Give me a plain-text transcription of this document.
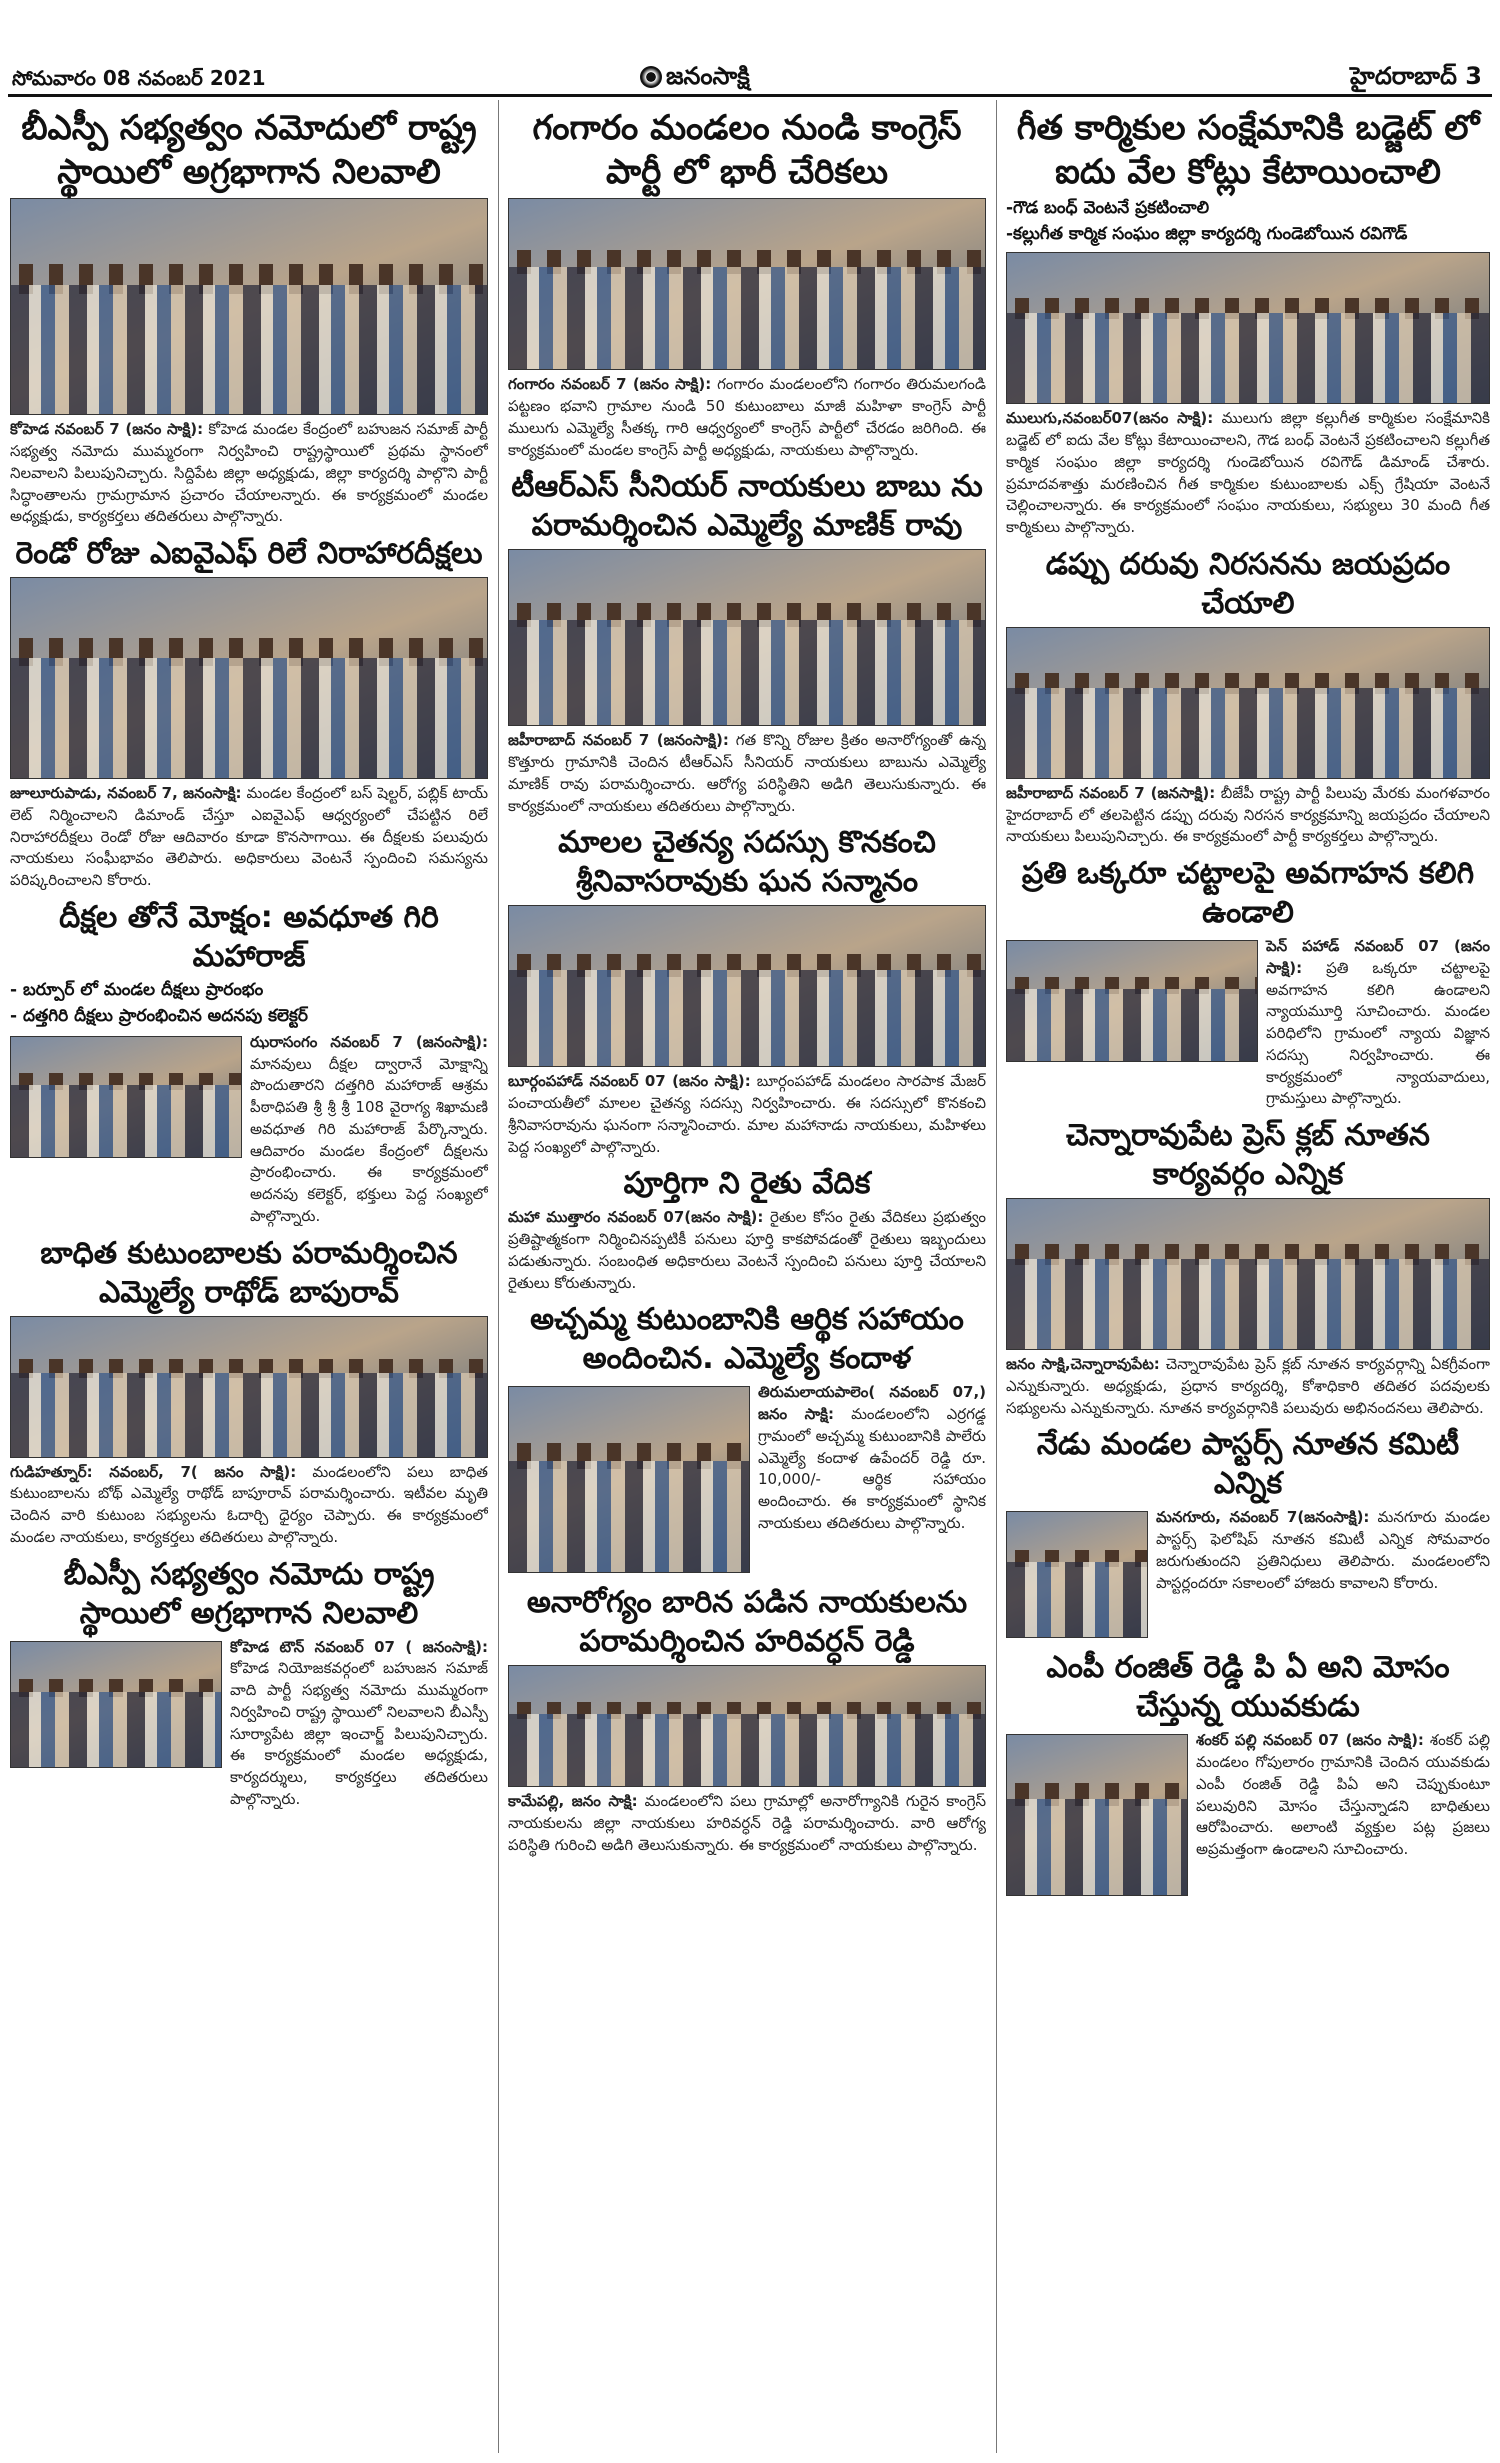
సోమవారం 08 నవంబర్ 2021	జనంసాక్షి	హైదరాబాద్ 3
బీఎస్పీ సభ్యత్వం నమోదులో రాష్ట్ర స్థాయిలో అగ్రభాగాన నిలవాలి
కోహెడ నవంబర్ 7 (జనం సాక్షి): కోహెడ మండల కేంద్రంలో బహుజన సమాజ్ పార్టీ సభ్యత్వ నమోదు ముమ్మరంగా నిర్వహించి రాష్ట్రస్థాయిలో ప్రథమ స్థానంలో నిలవాలని పిలుపునిచ్చారు. సిద్దిపేట జిల్లా అధ్యక్షుడు, జిల్లా కార్యదర్శి పాల్గొని పార్టీ సిద్ధాంతాలను గ్రామగ్రామాన ప్రచారం చేయాలన్నారు. ఈ కార్యక్రమంలో మండల అధ్యక్షుడు, కార్యకర్తలు తదితరులు పాల్గొన్నారు.
రెండో రోజు ఎఐవైఎఫ్ రిలే నిరాహారదీక్షలు
జూలూరుపాడు, నవంబర్ 7, జనంసాక్షి: మండల కేంద్రంలో బస్ షెల్టర్, పబ్లిక్ టాయ్ లెట్ నిర్మించాలని డిమాండ్ చేస్తూ ఎఐవైఎఫ్ ఆధ్వర్యంలో చేపట్టిన రిలే నిరాహారదీక్షలు రెండో రోజు ఆదివారం కూడా కొనసాగాయి. ఈ దీక్షలకు పలువురు నాయకులు సంఘీభావం తెలిపారు. అధికారులు వెంటనే స్పందించి సమస్యను పరిష్కరించాలని కోరారు.
దీక్షల తోనే మోక్షం: అవధూత గిరి మహారాజ్
- బర్పూర్ లో మండల దీక్షలు ప్రారంభం
- దత్తగిరి దీక్షలు ప్రారంభించిన అదనపు కలెక్టర్
ఝరాసంగం నవంబర్ 7 (జనంసాక్షి): మానవులు దీక్షల ద్వారానే మోక్షాన్ని పొందుతారని దత్తగిరి మహారాజ్ ఆశ్రమ పీఠాధిపతి శ్రీ శ్రీ శ్రీ 108 వైరాగ్య శిఖామణి అవధూత గిరి మహారాజ్ పేర్కొన్నారు. ఆదివారం మండల కేంద్రంలో దీక్షలను ప్రారంభించారు. ఈ కార్యక్రమంలో అదనపు కలెక్టర్, భక్తులు పెద్ద సంఖ్యలో పాల్గొన్నారు.
బాధిత కుటుంబాలకు పరామర్శించిన ఎమ్మెల్యే రాథోడ్ బాపురావ్
గుడిహత్నూర్: నవంబర్, 7( జనం సాక్షి): మండలంలోని పలు బాధిత కుటుంబాలను బోథ్ ఎమ్మెల్యే రాథోడ్ బాపూరావ్ పరామర్శించారు. ఇటీవల మృతి చెందిన వారి కుటుంబ సభ్యులను ఓదార్చి ధైర్యం చెప్పారు. ఈ కార్యక్రమంలో మండల నాయకులు, కార్యకర్తలు తదితరులు పాల్గొన్నారు.
బీఎస్పీ సభ్యత్వం నమోదు రాష్ట్ర స్థాయిలో అగ్రభాగాన నిలవాలి
కోహెడ టౌన్ నవంబర్ 07 ( జనంసాక్షి): కోహెడ నియోజకవర్గంలో బహుజన సమాజ్ వాది పార్టీ సభ్యత్వ నమోదు ముమ్మరంగా నిర్వహించి రాష్ట్ర స్థాయిలో నిలవాలని బీఎస్పీ సూర్యాపేట జిల్లా ఇంచార్జ్ పిలుపునిచ్చారు. ఈ కార్యక్రమంలో మండల అధ్యక్షుడు, కార్యదర్శులు, కార్యకర్తలు తదితరులు పాల్గొన్నారు.
గంగారం మండలం నుండి కాంగ్రెస్ పార్టీ లో భారీ చేరికలు
గంగారం నవంబర్ 7 (జనం సాక్షి): గంగారం మండలంలోని గంగారం తిరుమలగండి పట్టణం భవాని గ్రామాల నుండి 50 కుటుంబాలు మాజీ మహిళా కాంగ్రెస్ పార్టీ ములుగు ఎమ్మెల్యే సీతక్క గారి ఆధ్వర్యంలో కాంగ్రెస్ పార్టీలో చేరడం జరిగింది. ఈ కార్యక్రమంలో మండల కాంగ్రెస్ పార్టీ అధ్యక్షుడు, నాయకులు పాల్గొన్నారు.
టీఆర్ఎస్ సీనియర్ నాయకులు బాబు ను పరామర్శించిన ఎమ్మెల్యే మాణిక్ రావు
జహీరాబాద్ నవంబర్ 7 (జనంసాక్షి): గత కొన్ని రోజుల క్రితం అనారోగ్యంతో ఉన్న కొత్తూరు గ్రామానికి చెందిన టీఆర్ఎస్ సీనియర్ నాయకులు బాబును ఎమ్మెల్యే మాణిక్ రావు పరామర్శించారు. ఆరోగ్య పరిస్థితిని అడిగి తెలుసుకున్నారు. ఈ కార్యక్రమంలో నాయకులు తదితరులు పాల్గొన్నారు.
మాలల చైతన్య సదస్సు కొనకంచి శ్రీనివాసరావుకు ఘన సన్మానం
బూర్గంపహాడ్ నవంబర్ 07 (జనం సాక్షి): బూర్గంపహాడ్ మండలం సారపాక మేజర్ పంచాయతీలో మాలల చైతన్య సదస్సు నిర్వహించారు. ఈ సదస్సులో కొనకంచి శ్రీనివాసరావును ఘనంగా సన్మానించారు. మాల మహానాడు నాయకులు, మహిళలు పెద్ద సంఖ్యలో పాల్గొన్నారు.
పూర్తిగా ని రైతు వేదిక
మహా ముత్తారం నవంబర్ 07(జనం సాక్షి): రైతుల కోసం రైతు వేదికలు ప్రభుత్వం ప్రతిష్టాత్మకంగా నిర్మించినప్పటికీ పనులు పూర్తి కాకపోవడంతో రైతులు ఇబ్బందులు పడుతున్నారు. సంబంధిత అధికారులు వెంటనే స్పందించి పనులు పూర్తి చేయాలని రైతులు కోరుతున్నారు.
అచ్చమ్మ కుటుంబానికి ఆర్థిక సహాయం అందించిన. ఎమ్మెల్యే కందాళ
తిరుమలాయపాలెం( నవంబర్ 07,) జనం సాక్షి: మండలంలోని ఎర్రగడ్డ గ్రామంలో అచ్చమ్మ కుటుంబానికి పాలేరు ఎమ్మెల్యే కందాళ ఉపేందర్ రెడ్డి రూ. 10,000/- ఆర్థిక సహాయం అందించారు. ఈ కార్యక్రమంలో స్థానిక నాయకులు తదితరులు పాల్గొన్నారు.
అనారోగ్యం బారిన పడిన నాయకులను పరామర్శించిన హరివర్ధన్ రెడ్డి
కామేపల్లి, జనం సాక్షి: మండలంలోని పలు గ్రామాల్లో అనారోగ్యానికి గురైన కాంగ్రెస్ నాయకులను జిల్లా నాయకులు హరివర్ధన్ రెడ్డి పరామర్శించారు. వారి ఆరోగ్య పరిస్థితి గురించి అడిగి తెలుసుకున్నారు. ఈ కార్యక్రమంలో నాయకులు పాల్గొన్నారు.
గీత కార్మికుల సంక్షేమానికి బడ్జెట్ లో ఐదు వేల కోట్లు కేటాయించాలి
-గౌడ బంధ్ వెంటనే ప్రకటించాలి
-కల్లుగీత కార్మిక సంఘం జిల్లా కార్యదర్శి గుండెబోయిన రవిగౌడ్
ములుగు,నవంబర్07(జనం సాక్షి): ములుగు జిల్లా కల్లుగీత కార్మికుల సంక్షేమానికి బడ్జెట్ లో ఐదు వేల కోట్లు కేటాయించాలని, గౌడ బంధ్ వెంటనే ప్రకటించాలని కల్లుగీత కార్మిక సంఘం జిల్లా కార్యదర్శి గుండెబోయిన రవిగౌడ్ డిమాండ్ చేశారు. ప్రమాదవశాత్తు మరణించిన గీత కార్మికుల కుటుంబాలకు ఎక్స్ గ్రేషియా వెంటనే చెల్లించాలన్నారు. ఈ కార్యక్రమంలో సంఘం నాయకులు, సభ్యులు 30 మంది గీత కార్మికులు పాల్గొన్నారు.
డప్పు దరువు నిరసనను జయప్రదం చేయాలి
జహీరాబాద్ నవంబర్ 7 (జనసాక్షి): బీజేపీ రాష్ట్ర పార్టీ పిలుపు మేరకు మంగళవారం హైదరాబాద్ లో తలపెట్టిన డప్పు దరువు నిరసన కార్యక్రమాన్ని జయప్రదం చేయాలని నాయకులు పిలుపునిచ్చారు. ఈ కార్యక్రమంలో పార్టీ కార్యకర్తలు పాల్గొన్నారు.
ప్రతి ఒక్కరూ చట్టాలపై అవగాహన కలిగి ఉండాలి
పెన్ పహాడ్ నవంబర్ 07 (జనం సాక్షి): ప్రతి ఒక్కరూ చట్టాలపై అవగాహన కలిగి ఉండాలని న్యాయమూర్తి సూచించారు. మండల పరిధిలోని గ్రామంలో న్యాయ విజ్ఞాన సదస్సు నిర్వహించారు. ఈ కార్యక్రమంలో న్యాయవాదులు, గ్రామస్తులు పాల్గొన్నారు.
చెన్నారావుపేట ప్రెస్ క్లబ్ నూతన కార్యవర్గం ఎన్నిక
జనం సాక్షి,చెన్నారావుపేట: చెన్నారావుపేట ప్రెస్ క్లబ్ నూతన కార్యవర్గాన్ని ఏకగ్రీవంగా ఎన్నుకున్నారు. అధ్యక్షుడు, ప్రధాన కార్యదర్శి, కోశాధికారి తదితర పదవులకు సభ్యులను ఎన్నుకున్నారు. నూతన కార్యవర్గానికి పలువురు అభినందనలు తెలిపారు.
నేడు మండల పాస్టర్స్ నూతన కమిటీ ఎన్నిక
మనగూరు, నవంబర్ 7(జనంసాక్షి): మనగూరు మండల పాస్టర్స్ ఫెలోషిప్ నూతన కమిటీ ఎన్నిక సోమవారం జరుగుతుందని ప్రతినిధులు తెలిపారు. మండలంలోని పాస్టర్లందరూ సకాలంలో హాజరు కావాలని కోరారు.
ఎంపీ రంజిత్ రెడ్డి పి ఏ అని మోసం చేస్తున్న యువకుడు
శంకర్ పల్లి నవంబర్ 07 (జనం సాక్షి): శంకర్ పల్లి మండలం గోపులారం గ్రామానికి చెందిన యువకుడు ఎంపీ రంజిత్ రెడ్డి పిఏ అని చెప్పుకుంటూ పలువురిని మోసం చేస్తున్నాడని బాధితులు ఆరోపించారు. అలాంటి వ్యక్తుల పట్ల ప్రజలు అప్రమత్తంగా ఉండాలని సూచించారు.
